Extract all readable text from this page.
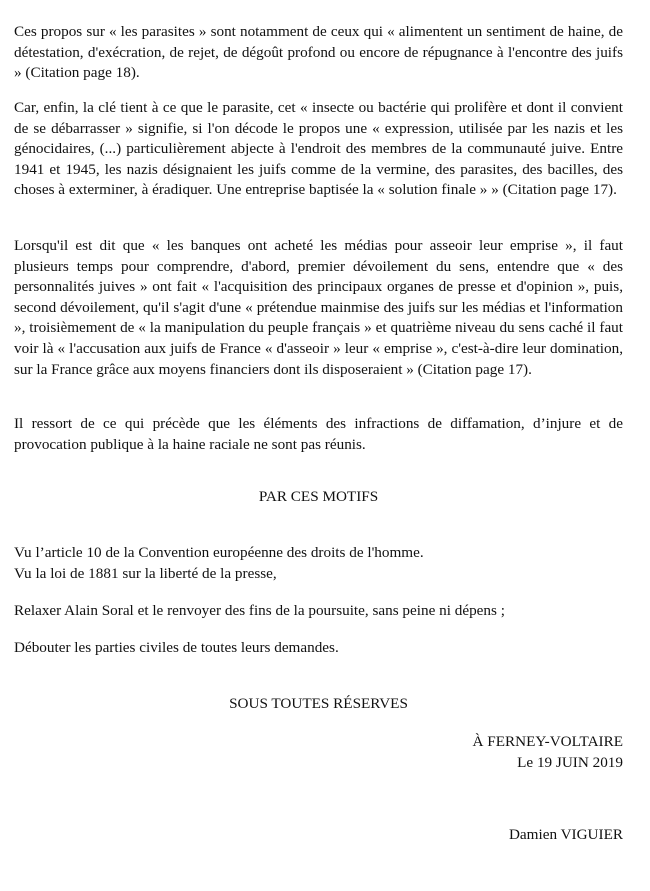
Ces propos sur « les parasites » sont notamment de ceux qui « alimentent un sentiment de haine, de détestation, d'exécration, de rejet, de dégoût profond ou encore de répugnance à l'encontre des juifs » (Citation page 18).

Car, enfin, la clé tient à ce que le parasite, cet « insecte ou bactérie qui prolifère et dont il convient de se débarrasser » signifie, si l'on décode le propos une « expression, utilisée par les nazis et les génocidaires, (...) particulièrement abjecte à l'endroit des membres de la communauté juive. Entre 1941 et 1945, les nazis désignaient les juifs comme de la vermine, des parasites, des bacilles, des choses à exterminer, à éradiquer. Une entreprise baptisée la « solution finale » » (Citation page 17).

Lorsqu'il est dit que « les banques ont acheté les médias pour asseoir leur emprise », il faut plusieurs temps pour comprendre, d'abord, premier dévoilement du sens, entendre que « des personnalités juives » ont fait « l'acquisition des principaux organes de presse et d'opinion », puis, second dévoilement, qu'il s'agit d'une « prétendue mainmise des juifs sur les médias et l'information », troisièmement de « la manipulation du peuple français » et quatrième niveau du sens caché il faut voir là « l'accusation aux juifs de France « d'asseoir » leur « emprise », c'est-à-dire leur domination, sur la France grâce aux moyens financiers dont ils disposeraient » (Citation page 17).

Il ressort de ce qui précède que les éléments des infractions de diffamation, d’injure et de provocation publique à la haine raciale ne sont pas réunis.

PAR CES MOTIFS

Vu l’article 10 de la Convention européenne des droits de l'homme.
Vu la loi de 1881 sur la liberté de la presse,

Relaxer Alain Soral et le renvoyer des fins de la poursuite, sans peine ni dépens ;

Débouter les parties civiles de toutes leurs demandes.

SOUS TOUTES RÉSERVES

À FERNEY-VOLTAIRE
Le 19 JUIN 2019

Damien VIGUIER
